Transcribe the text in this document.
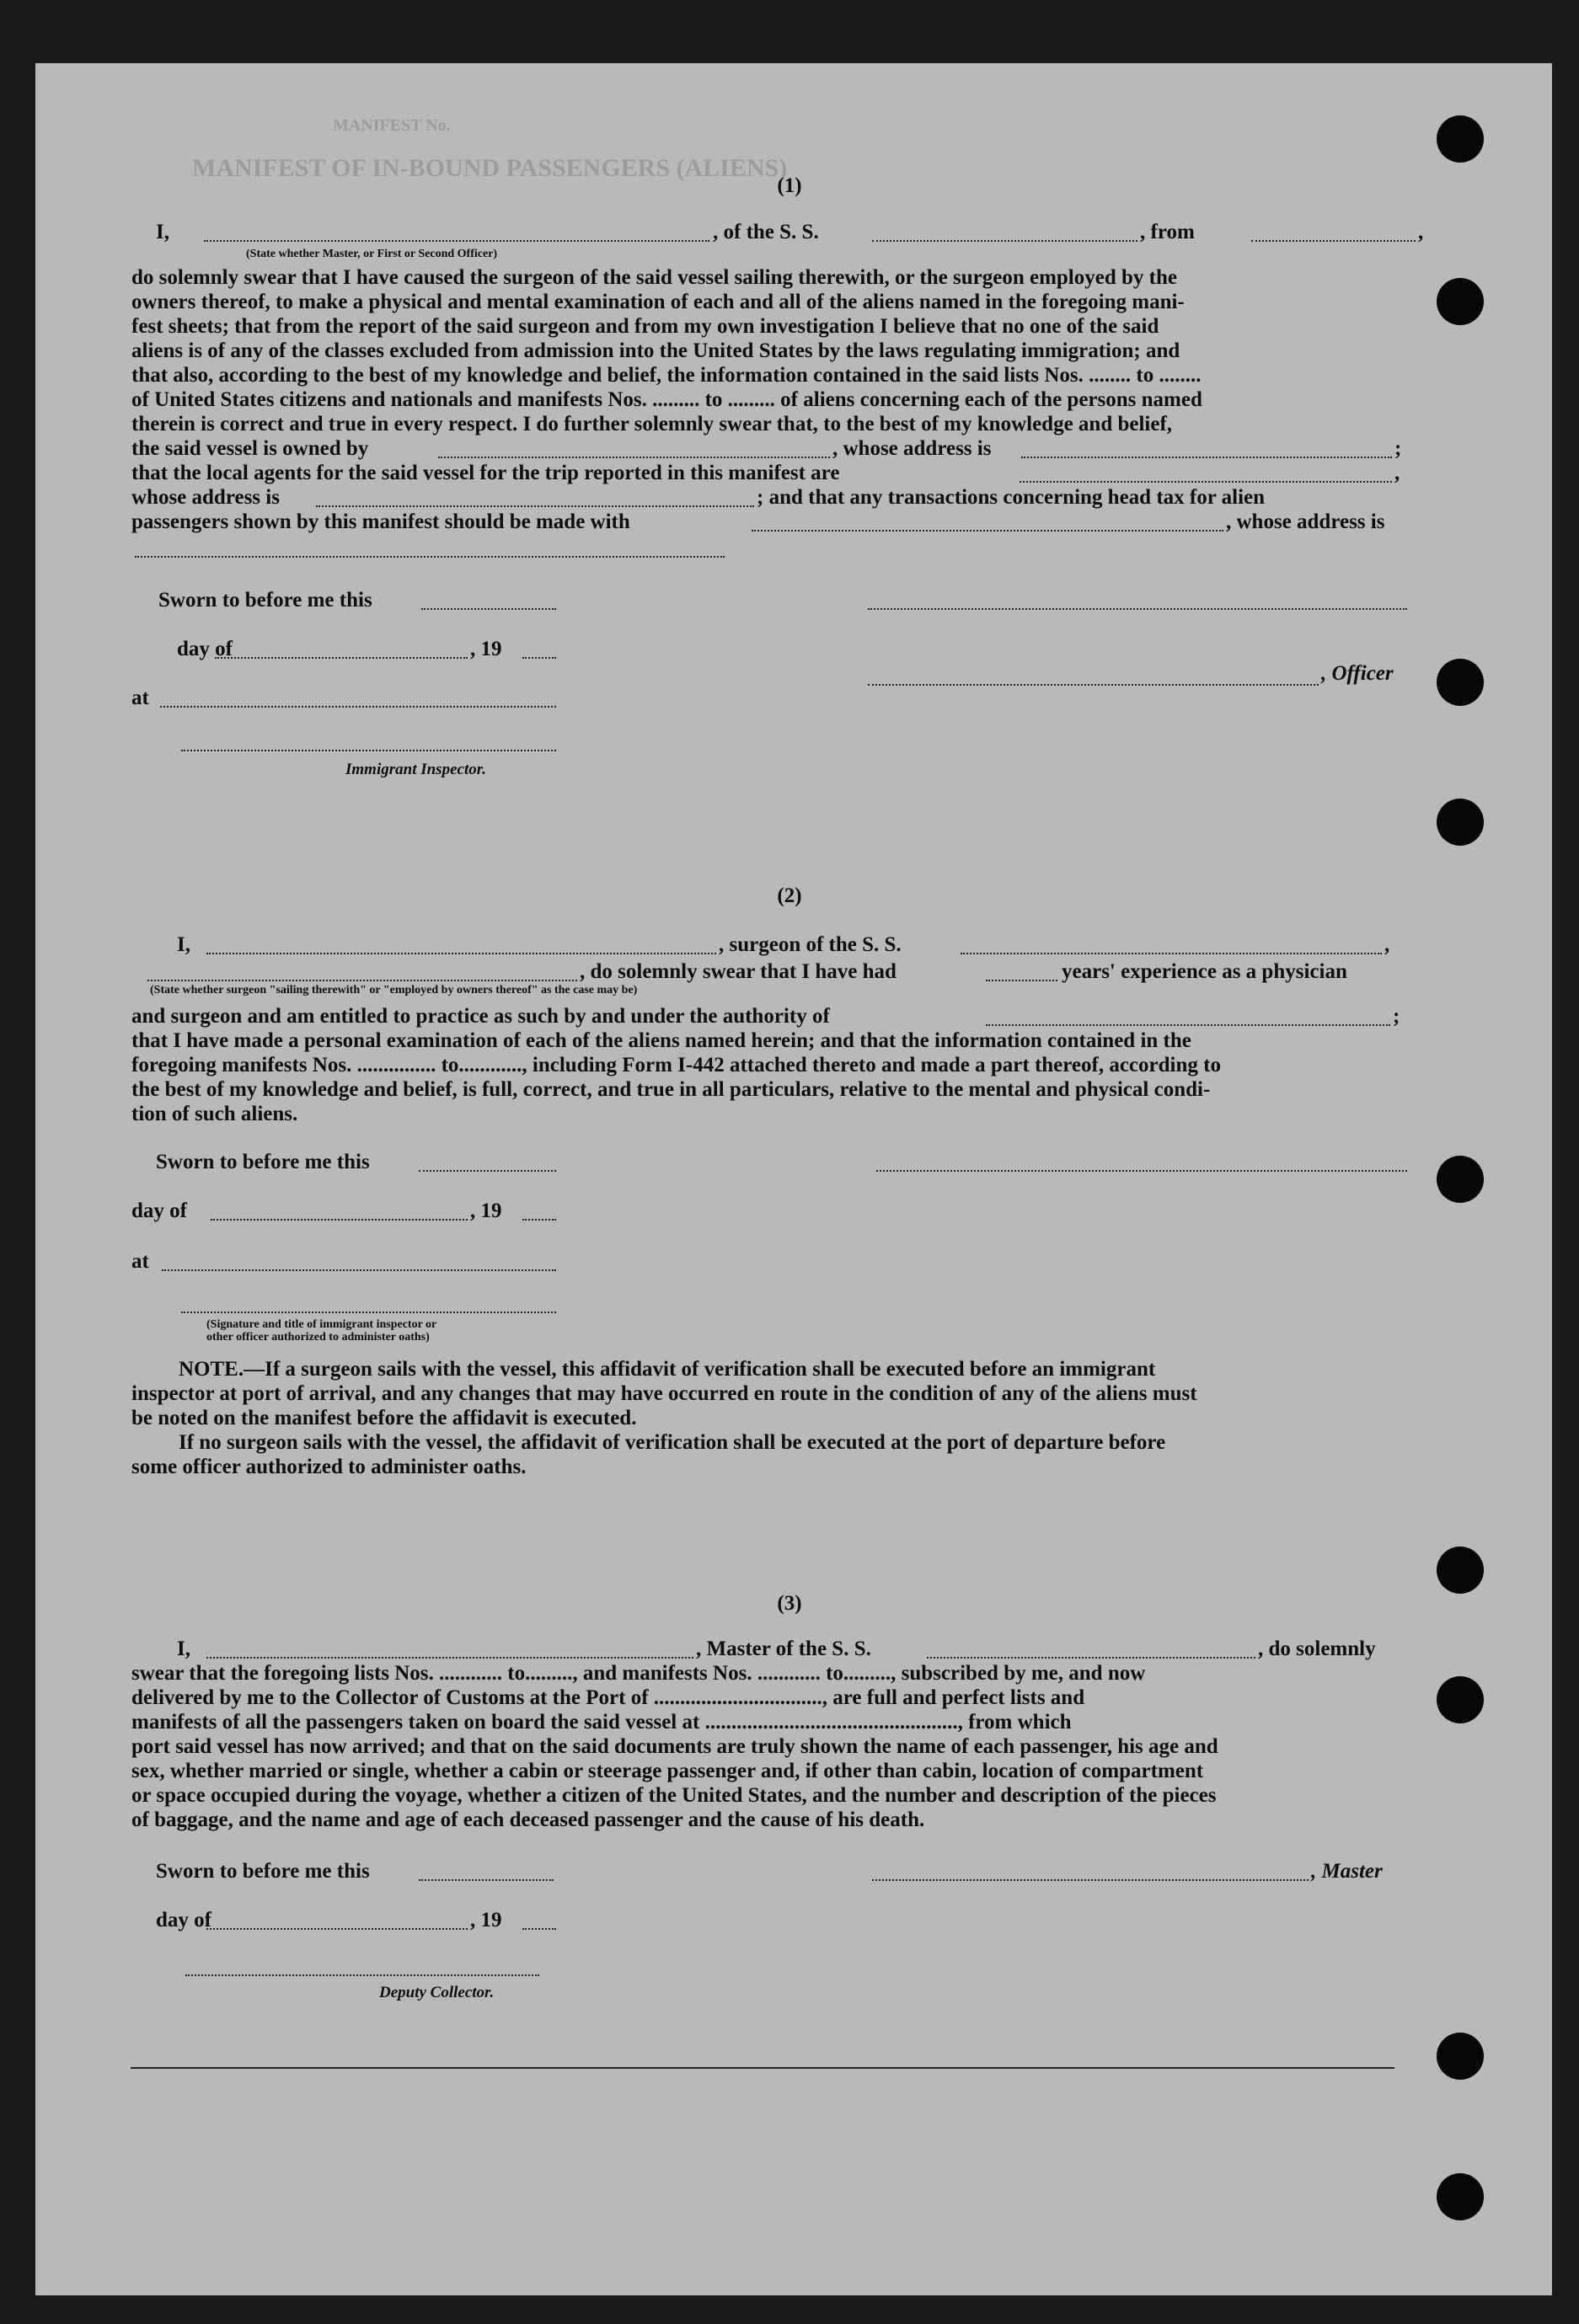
MANIFEST No.
MANIFEST OF IN-BOUND PASSENGERS (ALIENS)
(1)
I,	, of the S. S.	, from	,
(State whether Master, or First or Second Officer)
do solemnly swear that I have caused the surgeon of the said vessel sailing therewith, or the surgeon employed by the
owners thereof, to make a physical and mental examination of each and all of the aliens named in the foregoing mani-
fest sheets; that from the report of the said surgeon and from my own investigation I believe that no one of the said
aliens is of any of the classes excluded from admission into the United States by the laws regulating immigration; and
that also, according to the best of my knowledge and belief, the information contained in the said lists Nos. ........ to ........
of United States citizens and nationals and manifests Nos. ......... to ......... of aliens concerning each of the persons named
therein is correct and true in every respect. I do further solemnly swear that, to the best of my knowledge and belief,
the said vessel is owned by	, whose address is	;
that the local agents for the said vessel for the trip reported in this manifest are	,
whose address is	; and that any transactions concerning head tax for alien
passengers shown by this manifest should be made with	, whose address is
Sworn to before me this
day of	, 19
, Officer
at
Immigrant Inspector.
(2)
I,	, surgeon of the S. S.	,
, do solemnly swear that I have had	years' experience as a physician
(State whether surgeon "sailing therewith" or "employed by owners thereof" as the case may be)
and surgeon and am entitled to practice as such by and under the authority of	;
that I have made a personal examination of each of the aliens named herein; and that the information contained in the
foregoing manifests Nos. ............... to............, including Form I-442 attached thereto and made a part thereof, according to
the best of my knowledge and belief, is full, correct, and true in all particulars, relative to the mental and physical condi-
tion of such aliens.
Sworn to before me this
day of	, 19
at
(Signature and title of immigrant inspector or
other officer authorized to administer oaths)
NOTE.—If a surgeon sails with the vessel, this affidavit of verification shall be executed before an immigrant
inspector at port of arrival, and any changes that may have occurred en route in the condition of any of the aliens must
be noted on the manifest before the affidavit is executed.
If no surgeon sails with the vessel, the affidavit of verification shall be executed at the port of departure before
some officer authorized to administer oaths.
(3)
I,	, Master of the S. S.	, do solemnly
swear that the foregoing lists Nos. ............ to........., and manifests Nos. ............ to........., subscribed by me, and now
delivered by me to the Collector of Customs at the Port of ................................, are full and perfect lists and
manifests of all the passengers taken on board the said vessel at ................................................, from which
port said vessel has now arrived; and that on the said documents are truly shown the name of each passenger, his age and
sex, whether married or single, whether a cabin or steerage passenger and, if other than cabin, location of compartment
or space occupied during the voyage, whether a citizen of the United States, and the number and description of the pieces
of baggage, and the name and age of each deceased passenger and the cause of his death.
Sworn to before me this	, Master
day of	, 19
Deputy Collector.
